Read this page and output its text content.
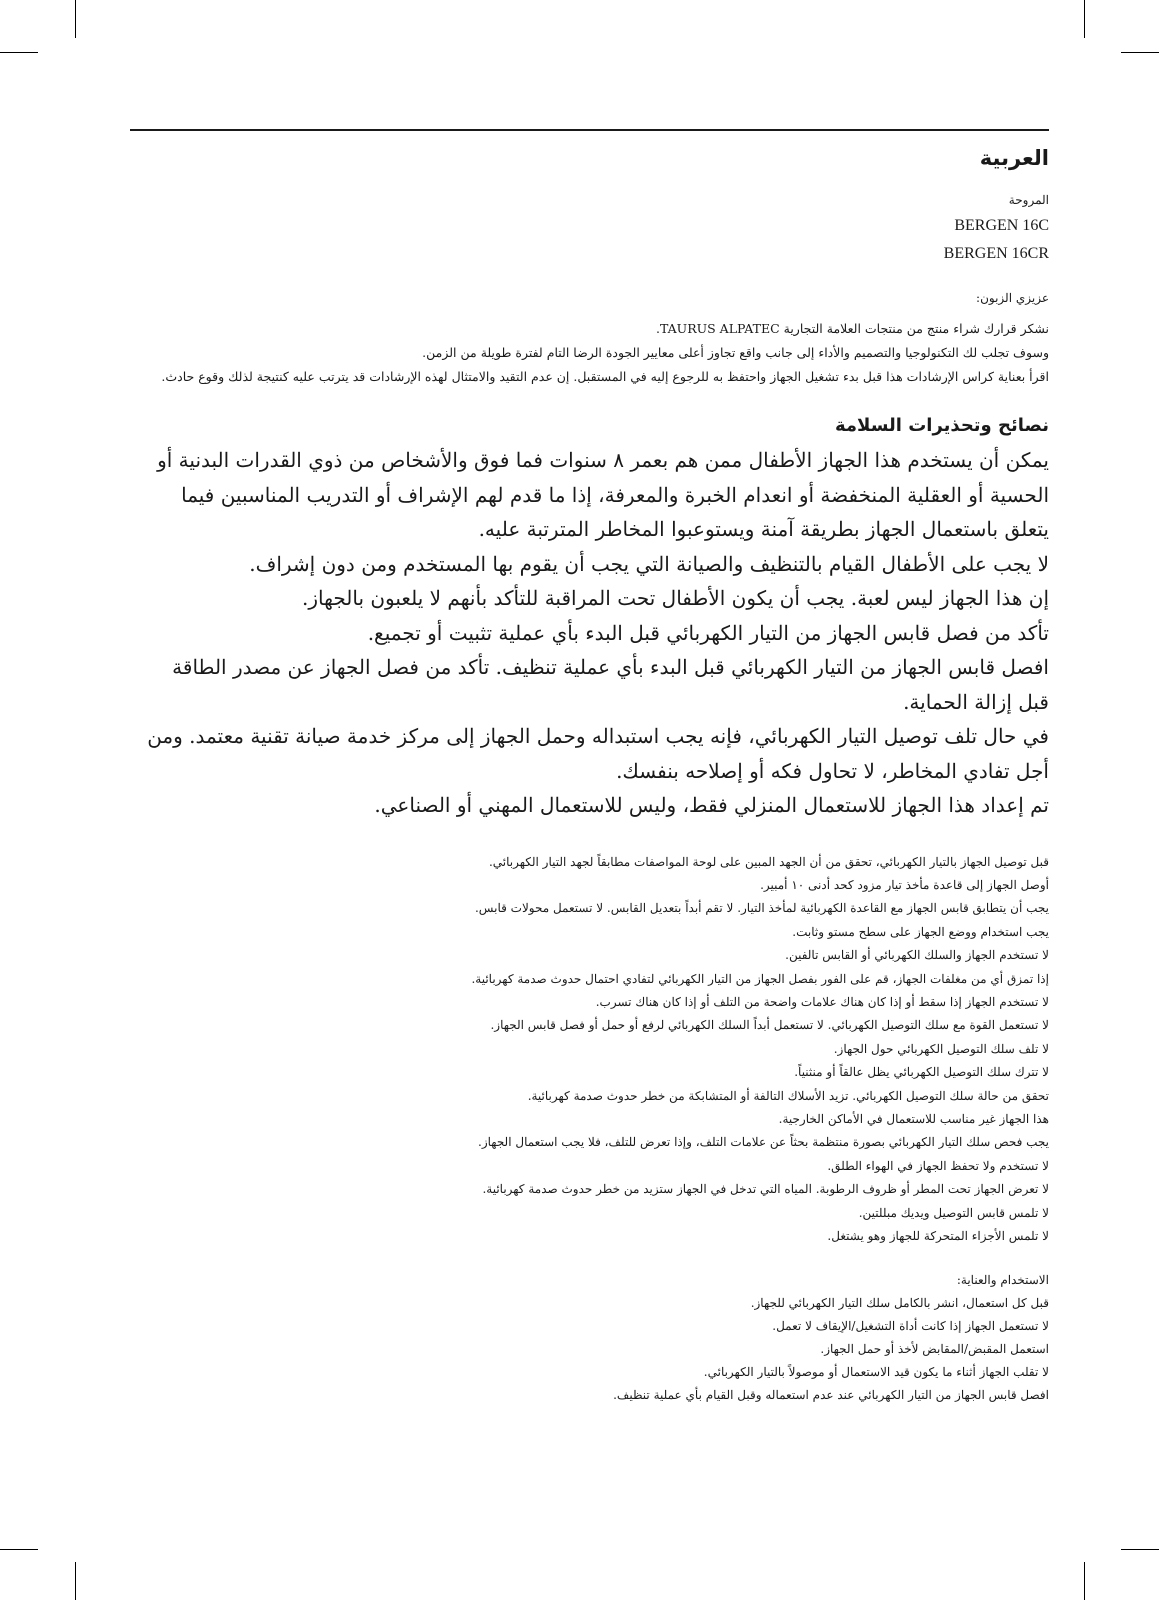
العربية
المروحة
BERGEN 16C
BERGEN 16CR
عزيزي الزبون:

نشكر قرارك شراء منتج من منتجات العلامة التجارية TAURUS ALPATEC.

وسوف تجلب لك التكنولوجيا والتصميم والأداء إلى جانب واقع تجاوز أعلى معايير الجودة الرضا التام لفترة طويلة من الزمن.

اقرأ بعناية كراس الإرشادات هذا قبل بدء تشغيل الجهاز واحتفظ به للرجوع إليه في المستقبل. إن عدم التقيد والامتثال لهذه الإرشادات قد يترتب عليه كنتيجة لذلك وقوع حادث.

نصائح وتحذيرات السلامة

يمكن أن يستخدم هذا الجهاز الأطفال ممن هم بعمر ٨ سنوات فما فوق والأشخاص من ذوي القدرات البدنية أو الحسية أو العقلية المنخفضة أو انعدام الخبرة والمعرفة، إذا ما قدم لهم الإشراف أو التدريب المناسبين فيما يتعلق باستعمال الجهاز بطريقة آمنة ويستوعبوا المخاطر المترتبة عليه.

لا يجب على الأطفال القيام بالتنظيف والصيانة التي يجب أن يقوم بها المستخدم ومن دون إشراف.

إن هذا الجهاز ليس لعبة. يجب أن يكون الأطفال تحت المراقبة للتأكد بأنهم لا يلعبون بالجهاز.

تأكد من فصل قابس الجهاز من التيار الكهربائي قبل البدء بأي عملية تثبيت أو تجميع.

افصل قابس الجهاز من التيار الكهربائي قبل البدء بأي عملية تنظيف. تأكد من فصل الجهاز عن مصدر الطاقة قبل إزالة الحماية.

في حال تلف توصيل التيار الكهربائي، فإنه يجب استبداله وحمل الجهاز إلى مركز خدمة صيانة تقنية معتمد. ومن أجل تفادي المخاطر، لا تحاول فكه أو إصلاحه بنفسك.

تم إعداد هذا الجهاز للاستعمال المنزلي فقط، وليس للاستعمال المهني أو الصناعي.

قبل توصيل الجهاز بالتيار الكهربائي، تحقق من أن الجهد المبين على لوحة المواصفات مطابقاً لجهد التيار الكهربائي.

أوصل الجهاز إلى قاعدة مأخذ تيار مزود كحد أدنى ١٠ أمبير.

يجب أن يتطابق قابس الجهاز مع القاعدة الكهربائية لمأخذ التيار. لا تقم أبداً بتعديل القابس. لا تستعمل محولات قابس.

يجب استخدام ووضع الجهاز على سطح مستو وثابت.

لا تستخدم الجهاز والسلك الكهربائي أو القابس تالفين.

إذا تمزق أي من مغلفات الجهاز، قم على الفور بفصل الجهاز من التيار الكهربائي لتفادي احتمال حدوث صدمة كهربائية.

لا تستخدم الجهاز إذا سقط أو إذا كان هناك علامات واضحة من التلف أو إذا كان هناك تسرب.

لا تستعمل القوة مع سلك التوصيل الكهربائي. لا تستعمل أبداً السلك الكهربائي لرفع أو حمل أو فصل قابس الجهاز.

لا تلف سلك التوصيل الكهربائي حول الجهاز.

لا تترك سلك التوصيل الكهربائي يظل عالقاً أو منثنياً.

تحقق من حالة سلك التوصيل الكهربائي. تزيد الأسلاك التالفة أو المتشابكة من خطر حدوث صدمة كهربائية.

هذا الجهاز غير مناسب للاستعمال في الأماكن الخارجية.

يجب فحص سلك التيار الكهربائي بصورة منتظمة بحثاً عن علامات التلف، وإذا تعرض للتلف، فلا يجب استعمال الجهاز.

لا تستخدم ولا تحفظ الجهاز في الهواء الطلق.

لا تعرض الجهاز تحت المطر أو ظروف الرطوبة. المياه التي تدخل في الجهاز ستزيد من خطر حدوث صدمة كهربائية.

لا تلمس قابس التوصيل ويديك مبللتين.

لا تلمس الأجزاء المتحركة للجهاز وهو يشتغل.

الاستخدام والعناية:

قبل كل استعمال، انشر بالكامل سلك التيار الكهربائي للجهاز.

لا تستعمل الجهاز إذا كانت أداة التشغيل/الإيقاف لا تعمل.

استعمل المقبض/المقابض لأخذ أو حمل الجهاز.

لا تقلب الجهاز أثناء ما يكون قيد الاستعمال أو موصولاً بالتيار الكهربائي.

افصل قابس الجهاز من التيار الكهربائي عند عدم استعماله وقبل القيام بأي عملية تنظيف.
